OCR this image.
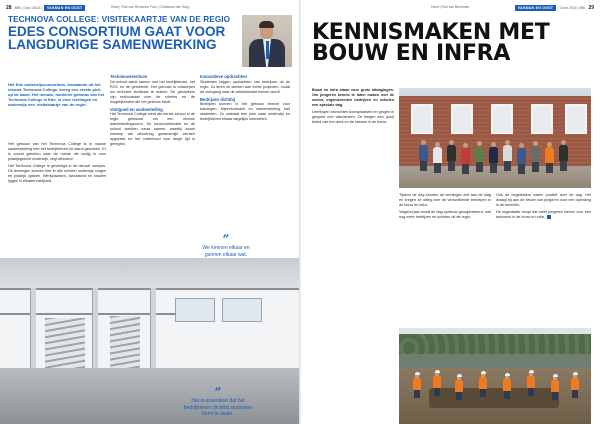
28 BBI | Oost 2018 |	VAKMAN EN OOST	Tekst | Rob van Blommek Foto | Christiaan den Burg
TECHNOVA COLLEGE: VISITEKAARTJE VAN DE REGIO
EDES CONSORTIUM GAAT VOOR LANGDURIGE SAMENWERKING
Het Ede onderwijsconsortium, bestaande uit het nieuwe Technova College, kreeg een eerste plek op de kaart. Het nieuwe, moderne gebouw van het Technova College in Ede, is voor leerlingen en onderwijs een 'visitekaartje van de regio'.

Het gebouw van het Technova College is in nauwe samenwerking met het bedrijfsleven tot stand gekomen. Er is vooral gekeken naar de ruimte die nodig is voor praktijkgericht onderwijs, zegt directeur.

Het Technova College is gevestigd in de nieuwe campus. De leerlingen kunnen hier in alle ruimten onderwijs volgen en praktijk opdoen. Werkplaatsen, laboratoria en lokalen liggen in elkaars nabijheid.

Technieuwsenhuis

De school werkt samen met het bedrijfsleven, het ROC en de gemeente. Het gebouw is ontworpen om techniek zichtbaar te maken. De gebruikers zijn enthousiast over de ruimtes en de mogelijkheden die het gebouw biedt.

Vastgoed en aanbesteding

Het Technova College werd als eerste school in de regio gebouwd via een nieuwe aanbestedingsvorm. De bouwcombinatie en de school werkten nauw samen, waarbij zowel ontwerp als uitvoering gezamenlijk werden opgepakt en het onderhoud voor lange tijd is geregeld.

Innovatieve opdrachten

Studenten krijgen opdrachten van bedrijven uit de regio. Zo leren ze werken aan echte projecten, zodat de overgang naar de arbeidsmarkt kleiner wordt.

Bedrijven dichtbij

Bedrijven kunnen in het gebouw terecht voor trainingen, bijeenkomsten en samenwerking met studenten. Zo ontstaat een plek waar onderwijs en bedrijfsleven elkaar dagelijks ontmoeten.

“
We kennen elkaar en gunnen elkaar wat.
“
Het is essentieel dat het bedrijfsleven dichtbij studenten komt te staan.
Tekst | Rob van Blommek	VAKMAN EN OOST	| Oost 2018 | BBI 29
KENNISMAKEN MET BOUW EN INFRA

Bouw en infra staan voor grote uitdagingen. Om jongeren kennis te laten maken met de sector, organiseerden bedrijven en scholen een speciale dag.

Leerlingen bezochten bouwplaatsen en gingen in gesprek met vakmensen. Ze kregen een goed beeld van het werk en de kansen in de bouw.

Tijdens de dag konden de leerlingen zelf aan de slag en kregen ze uitleg over de verschillende beroepen in de bouw en infra.

Volgend jaar wordt de dag opnieuw georganiseerd, met nog meer bedrijven en scholen uit de regio.

Ook de begeleiders waren positief over de dag. Het draagt bij aan de keuze van jongeren voor een opleiding in de techniek.

De organisatie hoopt dat meer jongeren kiezen voor een toekomst in de bouw en infra.
